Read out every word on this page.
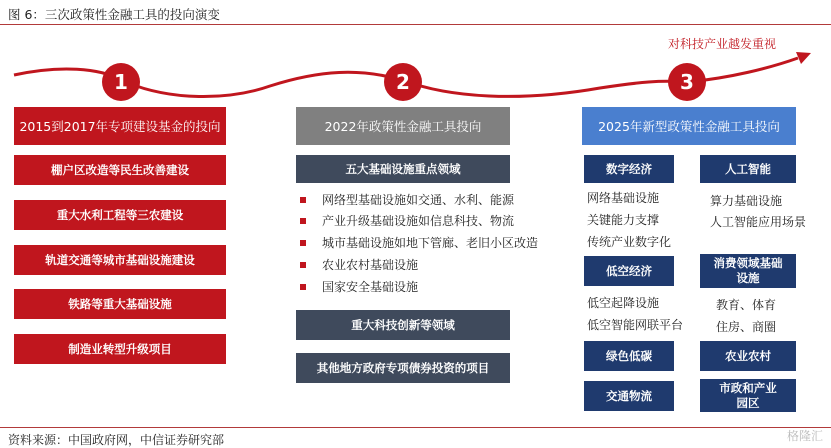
图 6：三次政策性金融工具的投向演变
对科技产业越发重视
1	2	3
2015到2017年专项建设基金的投向
棚户区改造等民生改善建设
重大水利工程等三农建设
轨道交通等城市基础设施建设
铁路等重大基础设施
制造业转型升级项目
2022年政策性金融工具投向
五大基础设施重点领域
网络型基础设施如交通、水利、能源
产业升级基础设施如信息科技、物流
城市基础设施如地下管廊、老旧小区改造
农业农村基础设施
国家安全基础设施
重大科技创新等领域
其他地方政府专项债券投资的项目
2025年新型政策性金融工具投向
数字经济	人工智能
网络基础设施
关键能力支撑
传统产业数字化
算力基础设施
人工智能应用场景
低空经济
消费领域基础设施
低空起降设施
低空智能网联平台
教育、体育
住房、商圈
绿色低碳	农业农村
交通物流
市政和产业园区
资料来源：中国政府网，中信证券研究部	格隆汇
